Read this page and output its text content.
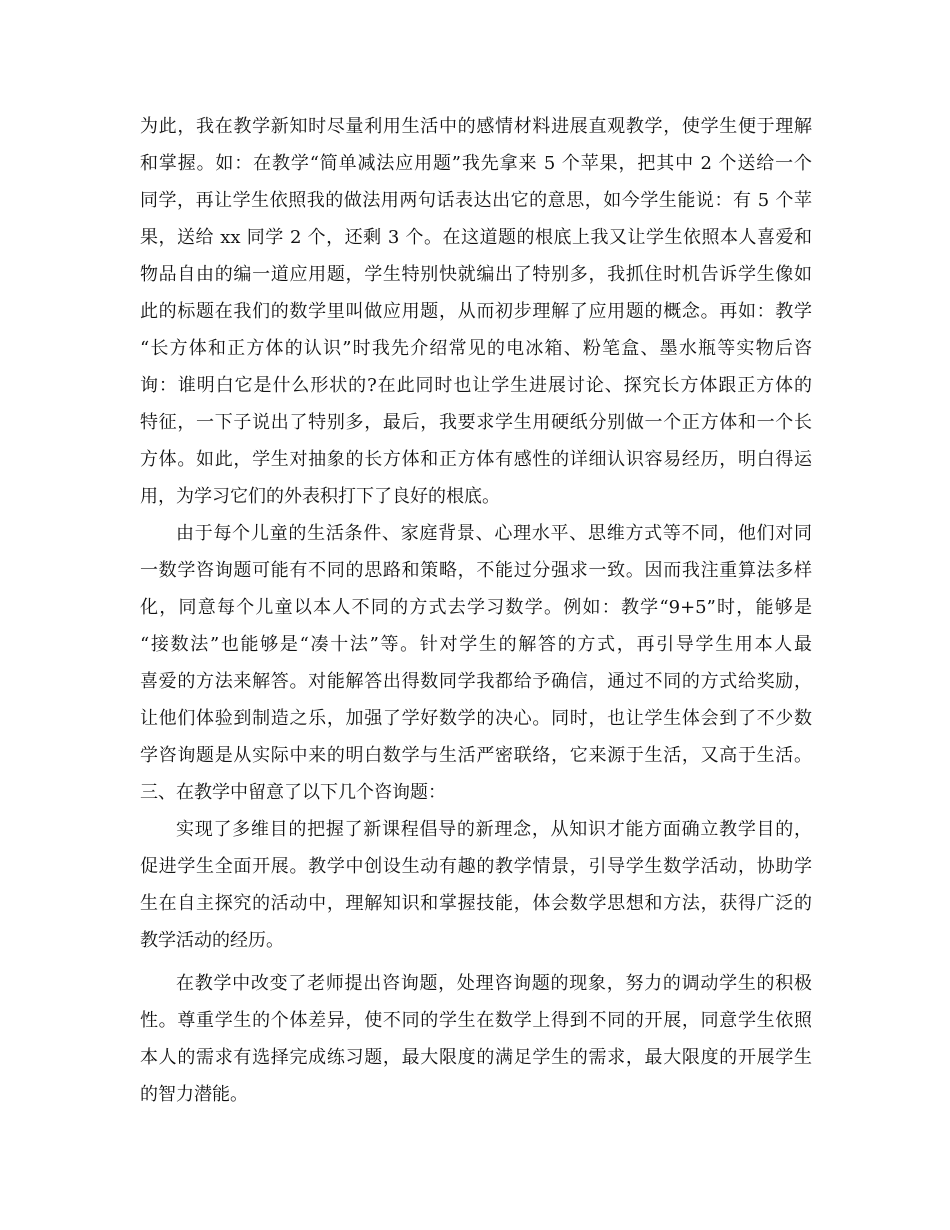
为此，我在教学新知时尽量利用生活中的感情材料进展直观教学，使学生便于理解
和掌握。如：在教学“简单减法应用题”我先拿来 5 个苹果，把其中 2 个送给一个
同学，再让学生依照我的做法用两句话表达出它的意思，如今学生能说：有 5 个苹
果，送给 xx 同学 2 个，还剩 3 个。在这道题的根底上我又让学生依照本人喜爱和
物品自由的编一道应用题，学生特别快就编出了特别多，我抓住时机告诉学生像如
此的标题在我们的数学里叫做应用题，从而初步理解了应用题的概念。再如：教学
“长方体和正方体的认识”时我先介绍常见的电冰箱、粉笔盒、墨水瓶等实物后咨
询：谁明白它是什么形状的?在此同时也让学生进展讨论、探究长方体跟正方体的
特征，一下子说出了特别多，最后，我要求学生用硬纸分别做一个正方体和一个长
方体。如此，学生对抽象的长方体和正方体有感性的详细认识容易经历，明白得运
用，为学习它们的外表积打下了良好的根底。
由于每个儿童的生活条件、家庭背景、心理水平、思维方式等不同，他们对同
一数学咨询题可能有不同的思路和策略，不能过分强求一致。因而我注重算法多样
化，同意每个儿童以本人不同的方式去学习数学。例如：教学“9+5”时，能够是
“接数法”也能够是“凑十法”等。针对学生的解答的方式，再引导学生用本人最
喜爱的方法来解答。对能解答出得数同学我都给予确信，通过不同的方式给奖励，
让他们体验到制造之乐，加强了学好数学的决心。同时，也让学生体会到了不少数
学咨询题是从实际中来的明白数学与生活严密联络，它来源于生活，又高于生活。
三、在教学中留意了以下几个咨询题：
实现了多维目的把握了新课程倡导的新理念，从知识才能方面确立教学目的，
促进学生全面开展。教学中创设生动有趣的教学情景，引导学生数学活动，协助学
生在自主探究的活动中，理解知识和掌握技能，体会数学思想和方法，获得广泛的
教学活动的经历。
在教学中改变了老师提出咨询题，处理咨询题的现象，努力的调动学生的积极
性。尊重学生的个体差异，使不同的学生在数学上得到不同的开展，同意学生依照
本人的需求有选择完成练习题，最大限度的满足学生的需求，最大限度的开展学生
的智力潜能。
